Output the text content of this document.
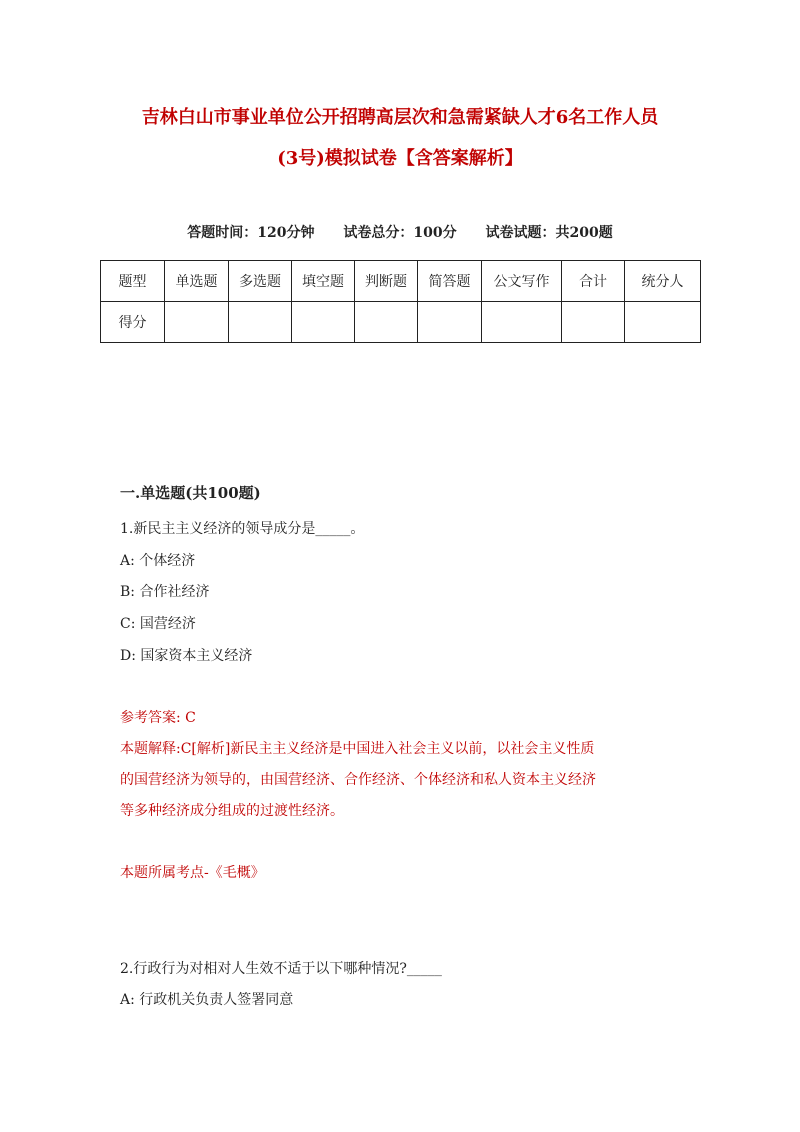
吉林白山市事业单位公开招聘高层次和急需紧缺人才6名工作人员
(3号)模拟试卷【含答案解析】
答题时间：120分钟 试卷总分：100分 试卷试题：共200题
题型	单选题	多选题	填空题	判断题	简答题	公文写作	合计	统分人
得分								
一.单选题(共100题)
1.新民主主义经济的领导成分是_____。
A: 个体经济
B: 合作社经济
C: 国营经济
D: 国家资本主义经济
参考答案: C
本题解释:C[解析]新民主主义经济是中国进入社会主义以前，以社会主义性质
的国营经济为领导的，由国营经济、合作经济、个体经济和私人资本主义经济
等多种经济成分组成的过渡性经济。
本题所属考点-《毛概》
2.行政行为对相对人生效不适于以下哪种情况?_____
A: 行政机关负责人签署同意
